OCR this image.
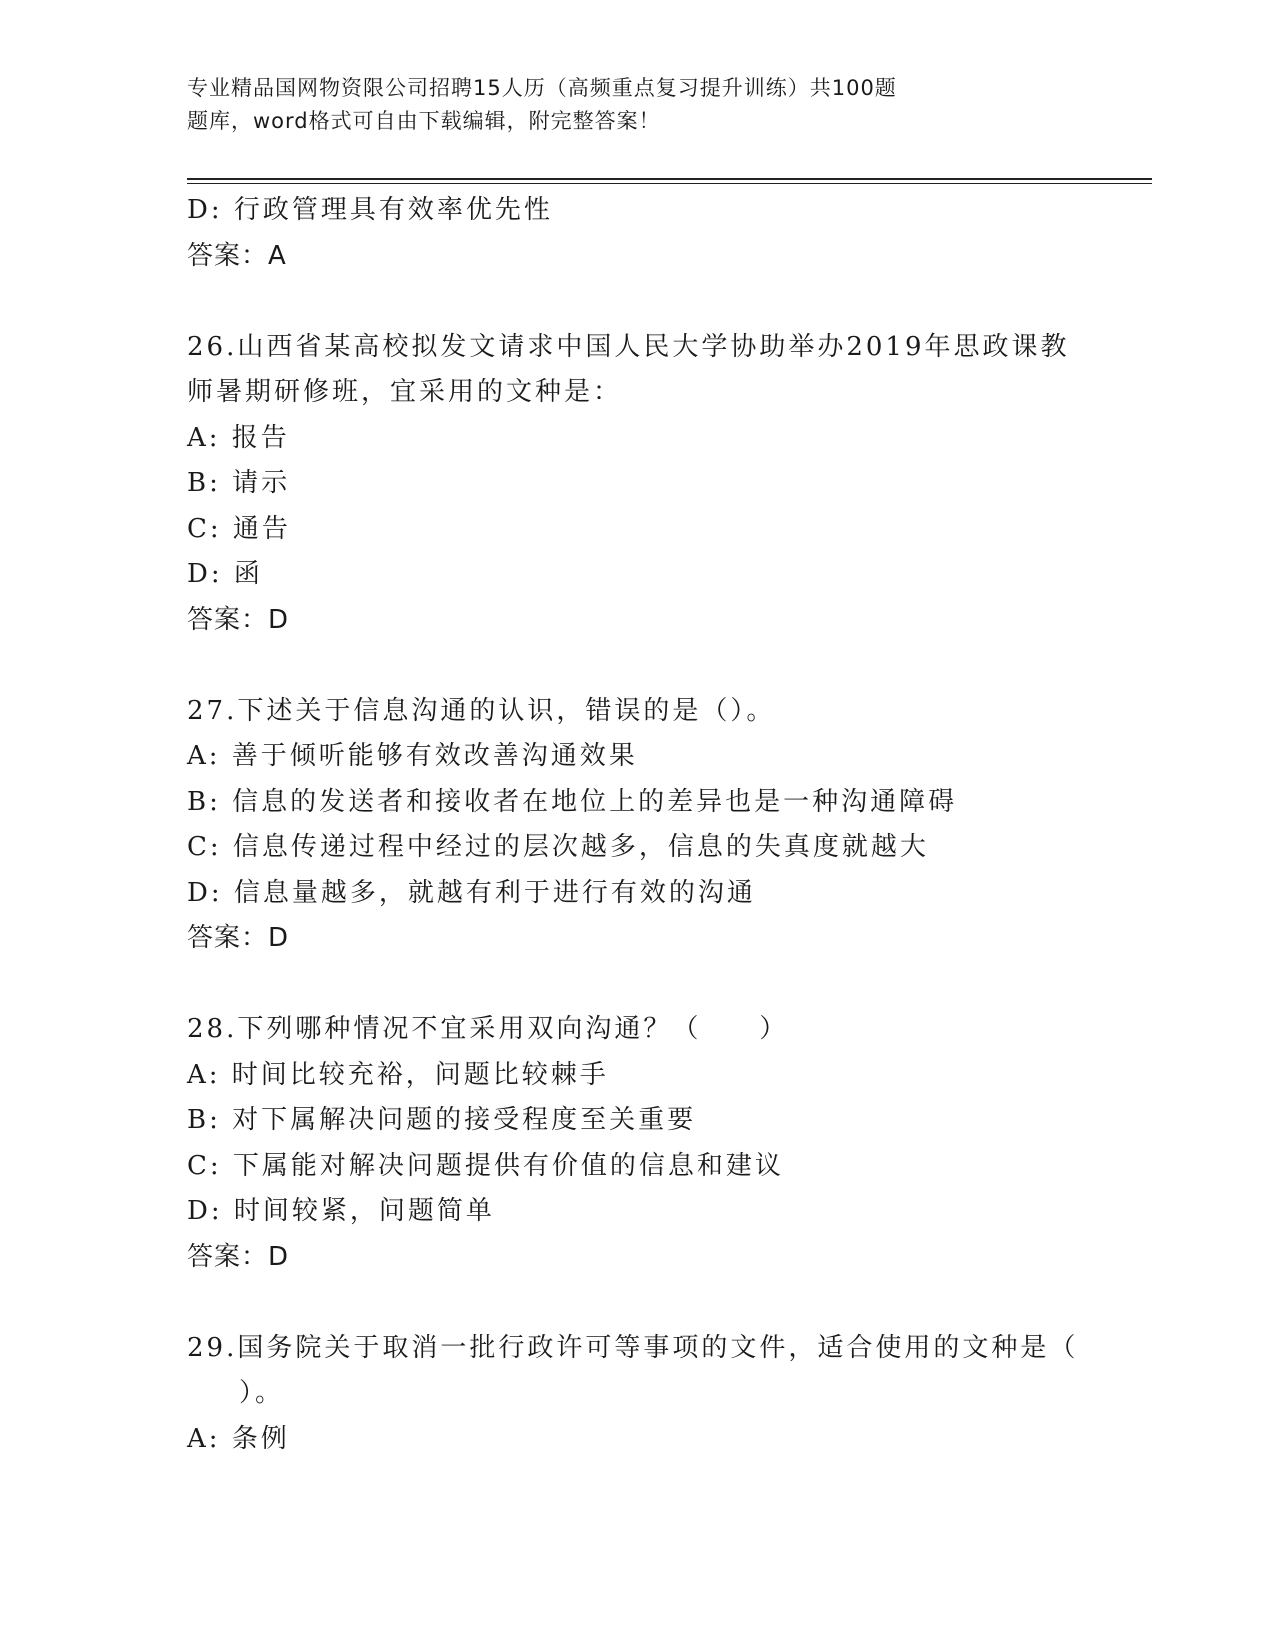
专业精品国网物资限公司招聘15人历（高频重点复习提升训练）共100题
题库，word格式可自由下载编辑，附完整答案！
D: 行政管理具有效率优先性
答案：A
26.山西省某高校拟发文请求中国人民大学协助举办2019年思政课教
师暑期研修班，宜采用的文种是：
A: 报告
B: 请示
C: 通告
D: 函
答案：D
27.下述关于信息沟通的认识，错误的是（）。
A: 善于倾听能够有效改善沟通效果
B: 信息的发送者和接收者在地位上的差异也是一种沟通障碍
C: 信息传递过程中经过的层次越多，信息的失真度就越大
D: 信息量越多，就越有利于进行有效的沟通
答案：D
28.下列哪种情况不宜采用双向沟通？（　　）
A: 时间比较充裕，问题比较棘手
B: 对下属解决问题的接受程度至关重要
C: 下属能对解决问题提供有价值的信息和建议
D: 时间较紧，问题简单
答案：D
29.国务院关于取消一批行政许可等事项的文件，适合使用的文种是（
）。
A: 条例
